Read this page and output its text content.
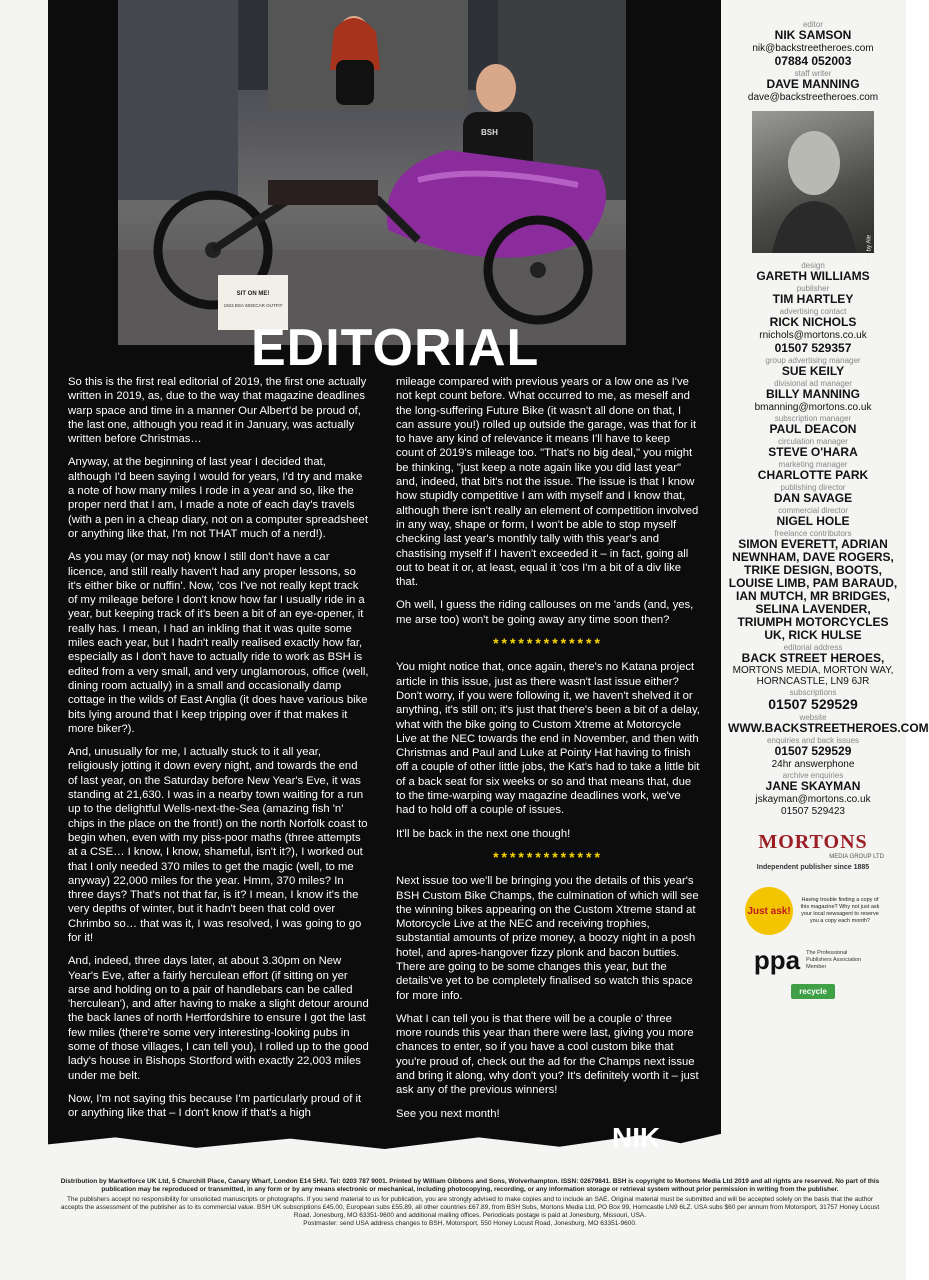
SIT ON ME!
1923 BSA SIDECAR OUTFIT
BSH
EDITORIAL

So this is the first real editorial of 2019, the first one actually written in 2019, as, due to the way that magazine deadlines warp space and time in a manner Our Albert'd be proud of, the last one, although you read it in January, was actually written before Christmas…

Anyway, at the beginning of last year I decided that, although I'd been saying I would for years, I'd try and make a note of how many miles I rode in a year and so, like the proper nerd that I am, I made a note of each day's travels (with a pen in a cheap diary, not on a computer spreadsheet or anything like that, I'm not THAT much of a nerd!).

As you may (or may not) know I still don't have a car licence, and still really haven't had any proper lessons, so it's either bike or nuffin'. Now, 'cos I've not really kept track of my mileage before I don't know how far I usually ride in a year, but keeping track of it's been a bit of an eye-opener, it really has. I mean, I had an inkling that it was quite some miles each year, but I hadn't really realised exactly how far, especially as I don't have to actually ride to work as BSH is edited from a very small, and very unglamorous, office (well, dining room actually) in a small and occasionally damp cottage in the wilds of East Anglia (it does have various bike bits lying around that I keep tripping over if that makes it more biker?).

And, unusually for me, I actually stuck to it all year, religiously jotting it down every night, and towards the end of last year, on the Saturday before New Year's Eve, it was standing at 21,630. I was in a nearby town waiting for a run up to the delightful Wells-next-the-Sea (amazing fish 'n' chips in the place on the front!) on the north Norfolk coast to begin when, even with my piss-poor maths (three attempts at a CSE… I know, I know, shameful, isn't it?), I worked out that I only needed 370 miles to get the magic (well, to me anyway) 22,000 miles for the year. Hmm, 370 miles? In three days? That's not that far, is it? I mean, I know it's the very depths of winter, but it hadn't been that cold over Chrimbo so… that was it, I was resolved, I was going to go for it!

And, indeed, three days later, at about 3.30pm on New Year's Eve, after a fairly herculean effort (if sitting on yer arse and holding on to a pair of handlebars can be called 'herculean'), and after having to make a slight detour around the back lanes of north Hertfordshire to ensure I got the last few miles (there're some very interesting-looking pubs in some of those villages, I can tell you), I rolled up to the good lady's house in Bishops Stortford with exactly 22,003 miles under me belt.

Now, I'm not saying this because I'm particularly proud of it or anything like that – I don't know if that's a high

mileage compared with previous years or a low one as I've not kept count before. What occurred to me, as meself and the long-suffering Future Bike (it wasn't all done on that, I can assure you!) rolled up outside the garage, was that for it to have any kind of relevance it means I'll have to keep count of 2019's mileage too. "That's no big deal," you might be thinking, "just keep a note again like you did last year" and, indeed, that bit's not the issue. The issue is that I know how stupidly competitive I am with myself and I know that, although there isn't really an element of competition involved in any way, shape or form, I won't be able to stop myself checking last year's monthly tally with this year's and chastising myself if I haven't exceeded it – in fact, going all out to beat it or, at least, equal it 'cos I'm a bit of a div like that.

Oh well, I guess the riding callouses on me 'ands (and, yes, me arse too) won't be going away any time soon then?

*************

You might notice that, once again, there's no Katana project article in this issue, just as there wasn't last issue either? Don't worry, if you were following it, we haven't shelved it or anything, it's still on; it's just that there's been a bit of a delay, what with the bike going to Custom Xtreme at Motorcycle Live at the NEC towards the end in November, and then with Christmas and Paul and Luke at Pointy Hat having to finish off a couple of other little jobs, the Kat's had to take a little bit of a back seat for six weeks or so and that means that, due to the time-warping way magazine deadlines work, we've had to hold off a couple of issues.

It'll be back in the next one though!

*************

Next issue too we'll be bringing you the details of this year's BSH Custom Bike Champs, the culmination of which will see the winning bikes appearing on the Custom Xtreme stand at Motorcycle Live at the NEC and receiving trophies, substantial amounts of prize money, a boozy night in a posh hotel, and apres-hangover fizzy plonk and bacon butties. There are going to be some changes this year, but the details've yet to be completely finalised so watch this space for more info.

What I can tell you is that there will be a couple o' three more rounds this year than there were last, giving you more chances to enter, so if you have a cool custom bike that you're proud of, check out the ad for the Champs next issue and bring it along, why don't you? It's definitely worth it – just ask any of the previous winners!

See you next month!

NIK
editor
NIK SAMSON
nik@backstreetheroes.com
07884 052003
staff writer
DAVE MANNING
dave@backstreetheroes.com
Pic by Ale
design
GARETH WILLIAMS
publisher
TIM HARTLEY
advertising contact
RICK NICHOLS
rnichols@mortons.co.uk
01507 529357
group advertising manager
SUE KEILY
divisional ad manager
BILLY MANNING
bmanning@mortons.co.uk
subscription manager
PAUL DEACON
circulation manager
STEVE O'HARA
marketing manager
CHARLOTTE PARK
publishing director
DAN SAVAGE
commercial director
NIGEL HOLE
freelance contributors
SIMON EVERETT, ADRIAN NEWNHAM, DAVE ROGERS, TRIKE DESIGN, BOOTS, LOUISE LIMB, PAM BARAUD, IAN MUTCH, MR BRIDGES, SELINA LAVENDER, TRIUMPH MOTORCYCLES UK, RICK HULSE
editorial address
BACK STREET HEROES,
MORTONS MEDIA, MORTON WAY, HORNCASTLE, LN9 6JR
subscriptions
01507 529529
website
WWW.BACKSTREETHEROES.COM
enquiries and back issues
01507 529529
24hr answerphone
archive enquiries
JANE SKAYMAN
jskayman@mortons.co.uk
01507 529423
MORTONS
MEDIA GROUP LTD
Independent publisher since 1885
Just ask!
Having trouble finding a copy of this magazine? Why not just ask your local newsagent to reserve you a copy each month?
ppa The Professional Publishers Association Member
recycle
Distribution by Marketforce UK Ltd, 5 Churchill Place, Canary Wharf, London E14 5HU. Tel: 0203 787 9001. Printed by William Gibbons and Sons, Wolverhampton. ISSN: 02679841. BSH is copyright to Mortons Media Ltd 2019 and all rights are reserved. No part of this publication may be reproduced or transmitted, in any form or by any means electronic or mechanical, including photocopying, recording, or any information storage or retrieval system without prior permission in writing from the publisher.
The publishers accept no responsibility for unsolicited manuscripts or photographs. If you send material to us for publication, you are strongly advised to make copies and to include an SAE. Original material must be submitted and will be accepted solely on the basis that the author accepts the assessment of the publisher as to its commercial value. BSH UK subscriptions £45.00, European subs £55.89, all other countries £67.89, from BSH Subs, Mortons Media Ltd, PO Box 99, Horncastle LN9 6LZ. USA subs $60 per annum from Motorsport, 31757 Honey Locust Road, Jonesburg, MO 63351-9600 and additional mailing offices. Periodicals postage is paid at Jonesburg, Missouri, USA.
Postmaster: send USA address changes to BSH, Motorsport, 550 Honey Locust Road, Jonesburg, MO 63351-9600.
